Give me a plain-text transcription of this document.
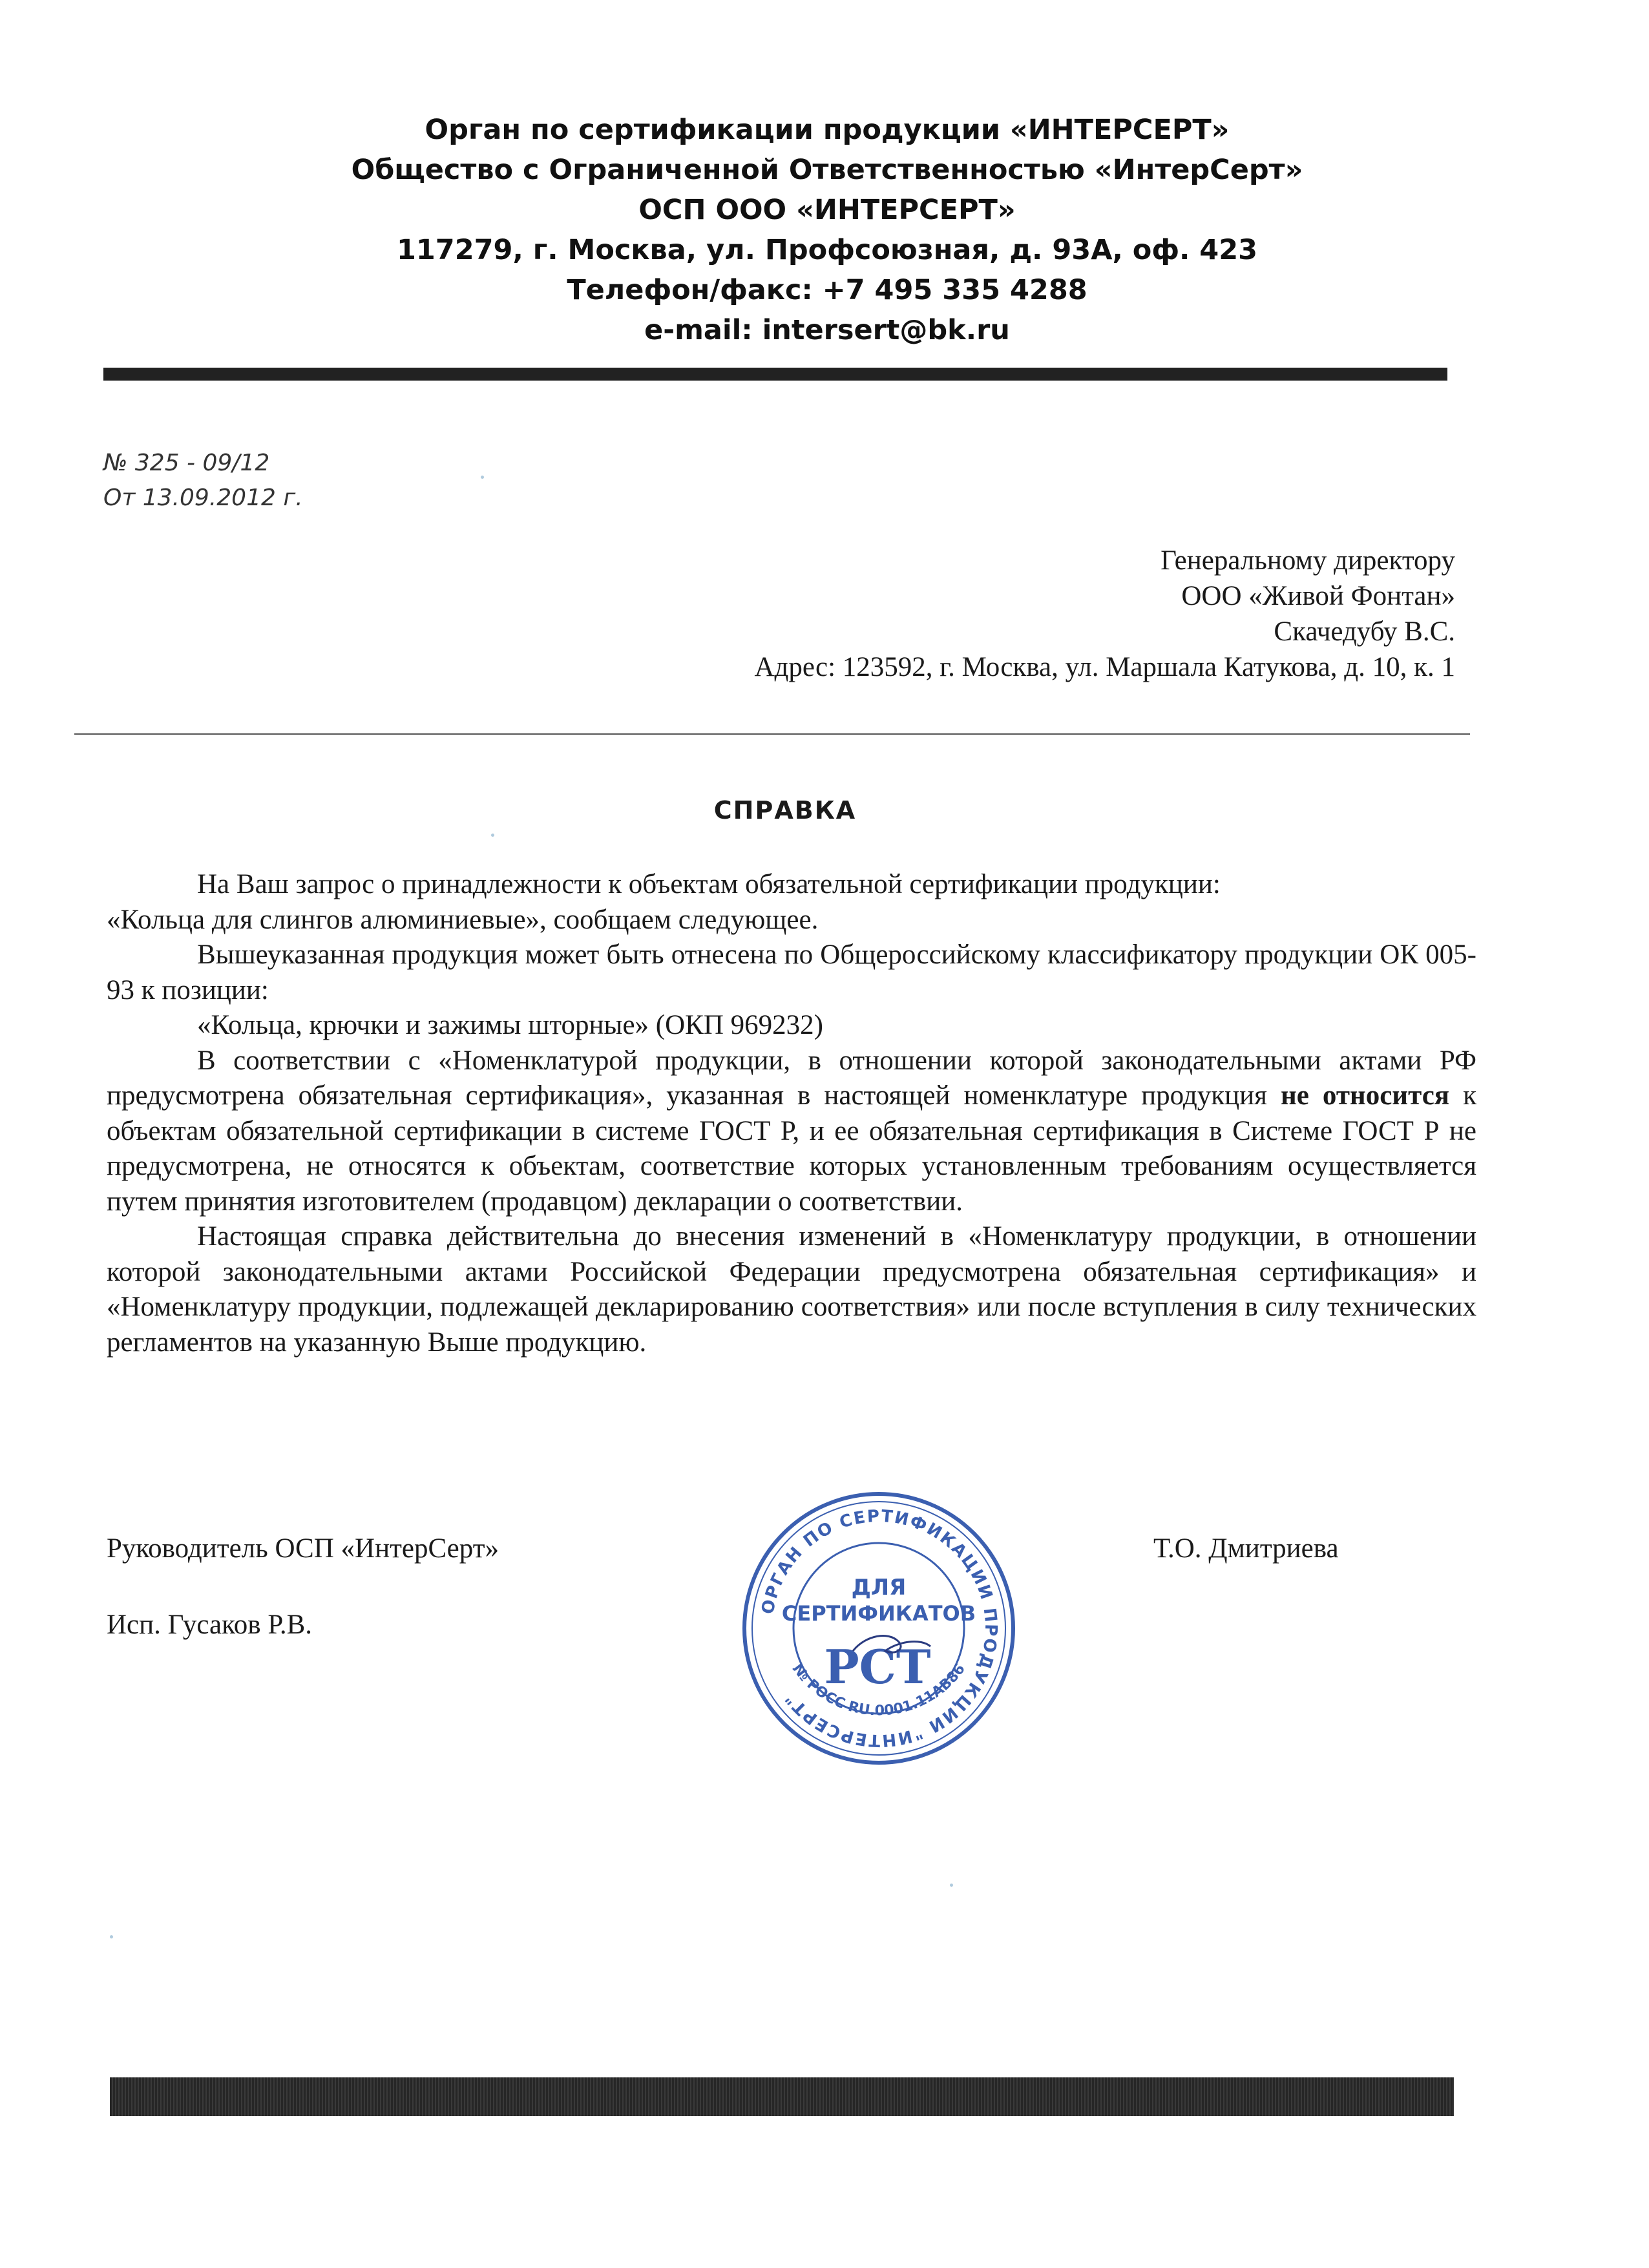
Орган по сертификации продукции «ИНТЕРСЕРТ»
Общество с Ограниченной Ответственностью «ИнтерСерт»
ОСП ООО «ИНТЕРСЕРТ»
117279, г. Москва, ул. Профсоюзная, д. 93А, оф. 423
Телефон/факс: +7 495 335 4288
e-mail: intersert@bk.ru
№ 325 - 09/12
От 13.09.2012 г.
Генеральному директору
ООО «Живой Фонтан»
Скачедубу В.С.
Адрес: 123592, г. Москва, ул. Маршала Катукова, д. 10, к. 1
СПРАВКА

На Ваш запрос о принадлежности к объектам обязательной сертификации продукции:

«Кольца для слингов алюминиевые», сообщаем следующее.

Вышеуказанная продукция может быть отнесена по Общероссийскому классификатору продукции ОК 005-93 к позиции:

«Кольца, крючки и зажимы шторные» (ОКП 969232)

В соответствии с «Номенклатурой продукции, в отношении которой законодательными актами РФ предусмотрена обязательная сертификация», указанная в настоящей номенклатуре продукция не относится к объектам обязательной сертификации в системе ГОСТ Р, и ее обязательная сертификация в Системе ГОСТ Р не предусмотрена, не относятся к объектам, соответствие которых установленным требованиям осуществляется путем принятия изготовителем (продавцом) декларации о соответствии.

Настоящая справка действительна до внесения изменений в «Номенклатуру продукции, в отношении которой законодательными актами Российской Федерации предусмотрена обязательная сертификация» и «Номенклатуру продукции, подлежащей декларированию соответствия» или после вступления в силу технических регламентов на указанную Выше продукцию.

Руководитель ОСП «ИнтерСерт»	Т.О. Дмитриева
Исп. Гусаков Р.В.
ОРГАН ПО СЕРТИФИКАЦИИ ПРОДУКЦИИ "ИНТЕРСЕРТ"
№ РОСС RU.0001.11АВ86
ДЛЯ
СЕРТИФИКАТОВ
РСТ
